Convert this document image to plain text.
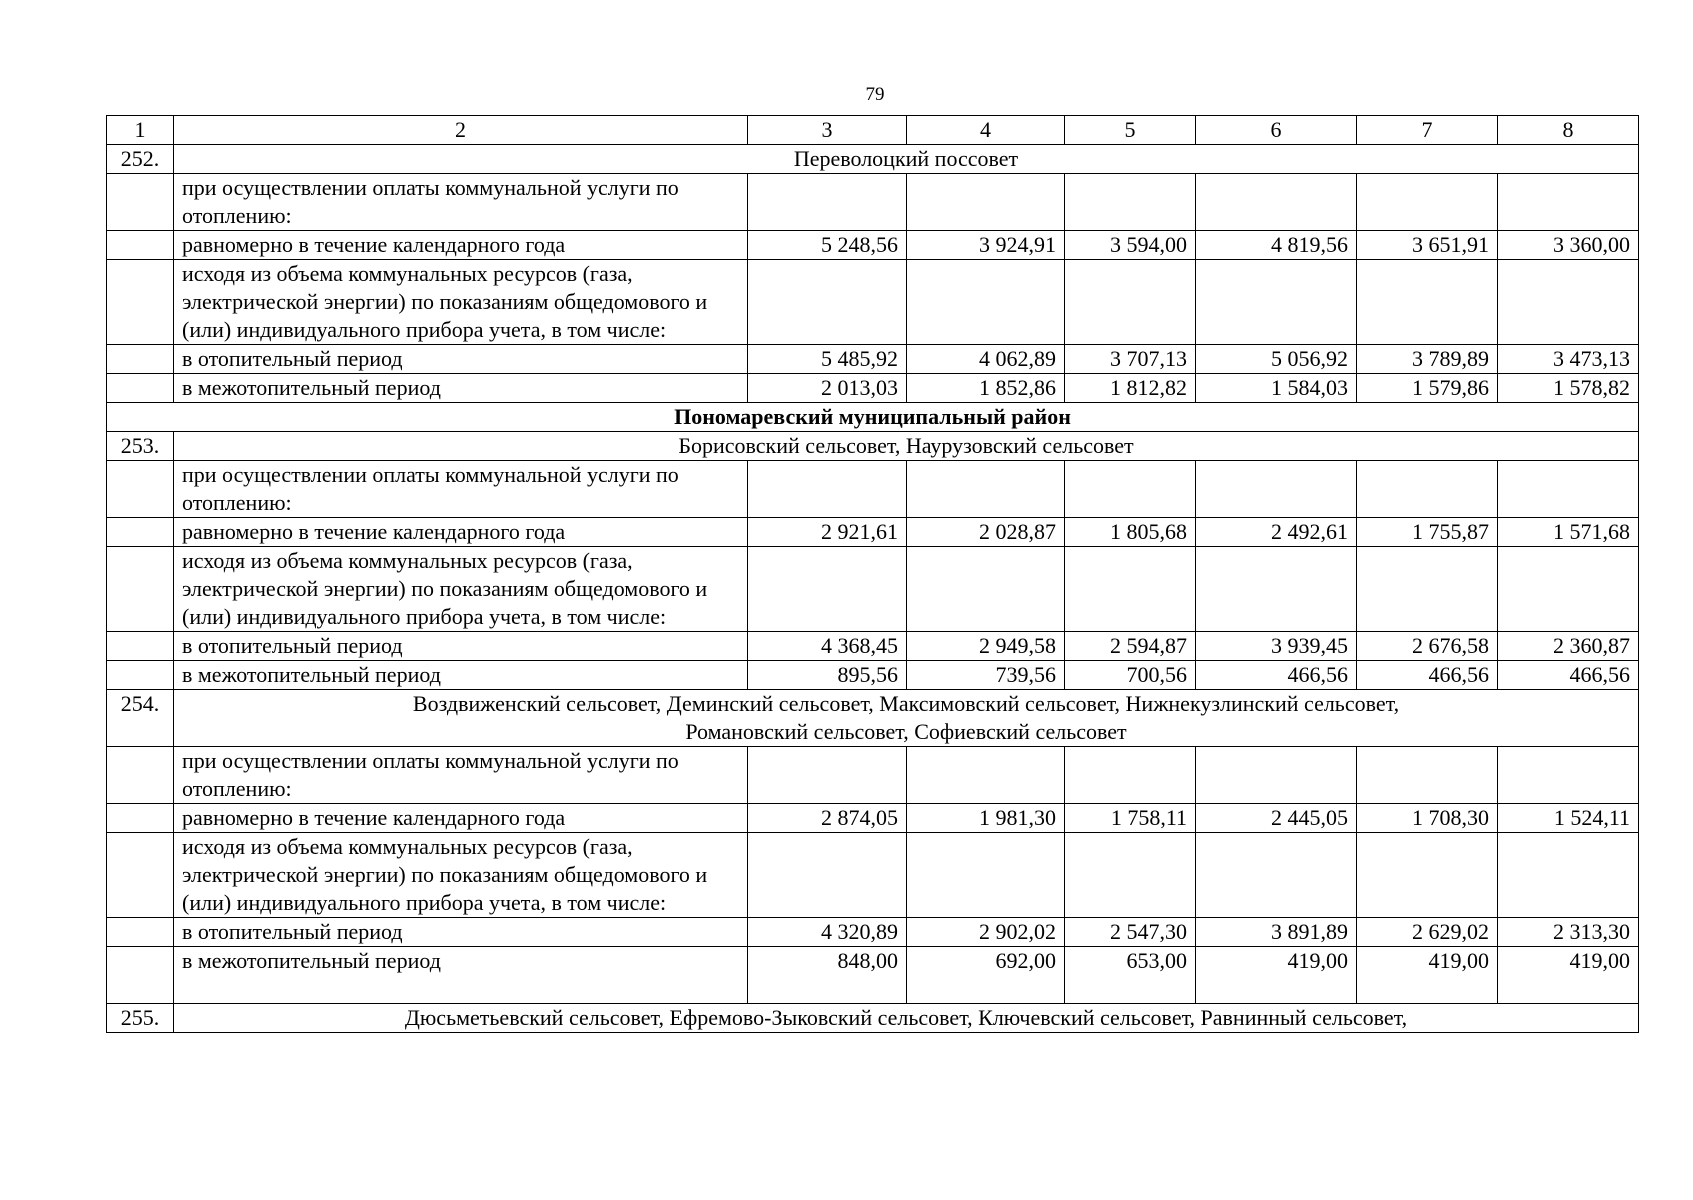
79
1	2	3	4	5	6	7	8
252.	Переволоцкий поссовет						
	при осуществлении оплаты коммунальной услуги по отоплению:						
	равномерно в течение календарного года	5 248,56	3 924,91	3 594,00	4 819,56	3 651,91	3 360,00
	исходя из объема коммунальных ресурсов (газа, электрической энергии) по показаниям общедомового и (или) индивидуального прибора учета, в том числе:						
	в отопительный период	5 485,92	4 062,89	3 707,13	5 056,92	3 789,89	3 473,13
	в межотопительный период	2 013,03	1 852,86	1 812,82	1 584,03	1 579,86	1 578,82
Пономаревский муниципальный район							
253.	Борисовский сельсовет, Наурузовский сельсовет						
	при осуществлении оплаты коммунальной услуги по отоплению:						
	равномерно в течение календарного года	2 921,61	2 028,87	1 805,68	2 492,61	1 755,87	1 571,68
	исходя из объема коммунальных ресурсов (газа, электрической энергии) по показаниям общедомового и (или) индивидуального прибора учета, в том числе:						
	в отопительный период	4 368,45	2 949,58	2 594,87	3 939,45	2 676,58	2 360,87
	в межотопительный период	895,56	739,56	700,56	466,56	466,56	466,56
254.	Воздвиженский сельсовет, Деминский сельсовет, Максимовский сельсовет, Нижнекузлинский сельсовет, Романовский сельсовет, Софиевский сельсовет						
	при осуществлении оплаты коммунальной услуги по отоплению:						
	равномерно в течение календарного года	2 874,05	1 981,30	1 758,11	2 445,05	1 708,30	1 524,11
	исходя из объема коммунальных ресурсов (газа, электрической энергии) по показаниям общедомового и (или) индивидуального прибора учета, в том числе:						
	в отопительный период	4 320,89	2 902,02	2 547,30	3 891,89	2 629,02	2 313,30
	в межотопительный период	848,00	692,00	653,00	419,00	419,00	419,00
255.	Дюсьметьевский сельсовет, Ефремово-Зыковский сельсовет, Ключевский сельсовет, Равнинный сельсовет,						
